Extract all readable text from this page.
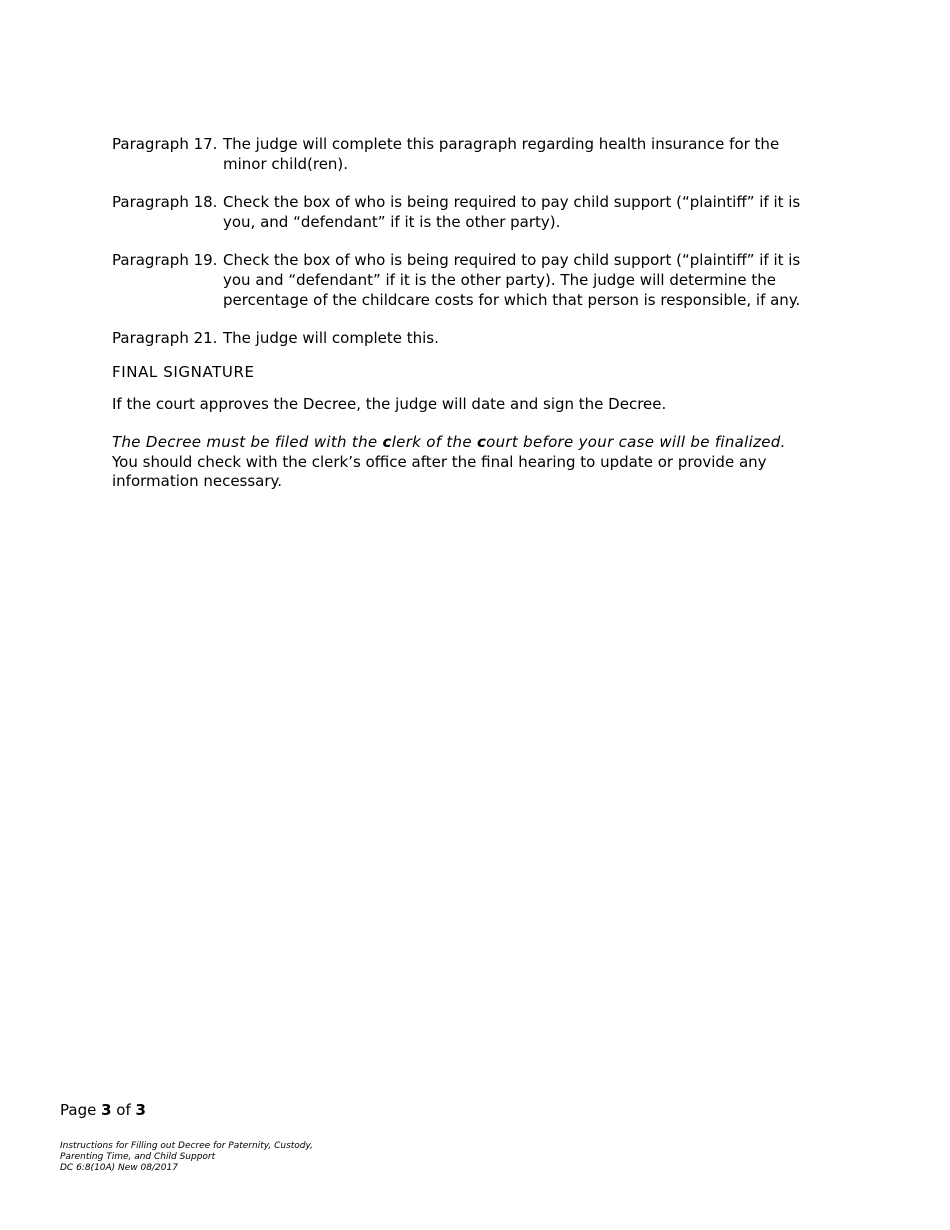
Paragraph 17. The judge will complete this paragraph regarding health insurance for the minor child(ren).
Paragraph 18. Check the box of who is being required to pay child support (“plaintiff” if it is you, and “defendant” if it is the other party).
Paragraph 19. Check the box of who is being required to pay child support (“plaintiff” if it is you and “defendant” if it is the other party). The judge will determine the percentage of the childcare costs for which that person is responsible, if any.
Paragraph 21. The judge will complete this.
FINAL SIGNATURE

If the court approves the Decree, the judge will date and sign the Decree.

The Decree must be filed with the clerk of the court before your case will be finalized. You should check with the clerk’s office after the final hearing to update or provide any information necessary.

Page 3 of 3
Instructions for Filling out Decree for Paternity, Custody,
Parenting Time, and Child Support
DC 6:8(10A) New 08/2017
